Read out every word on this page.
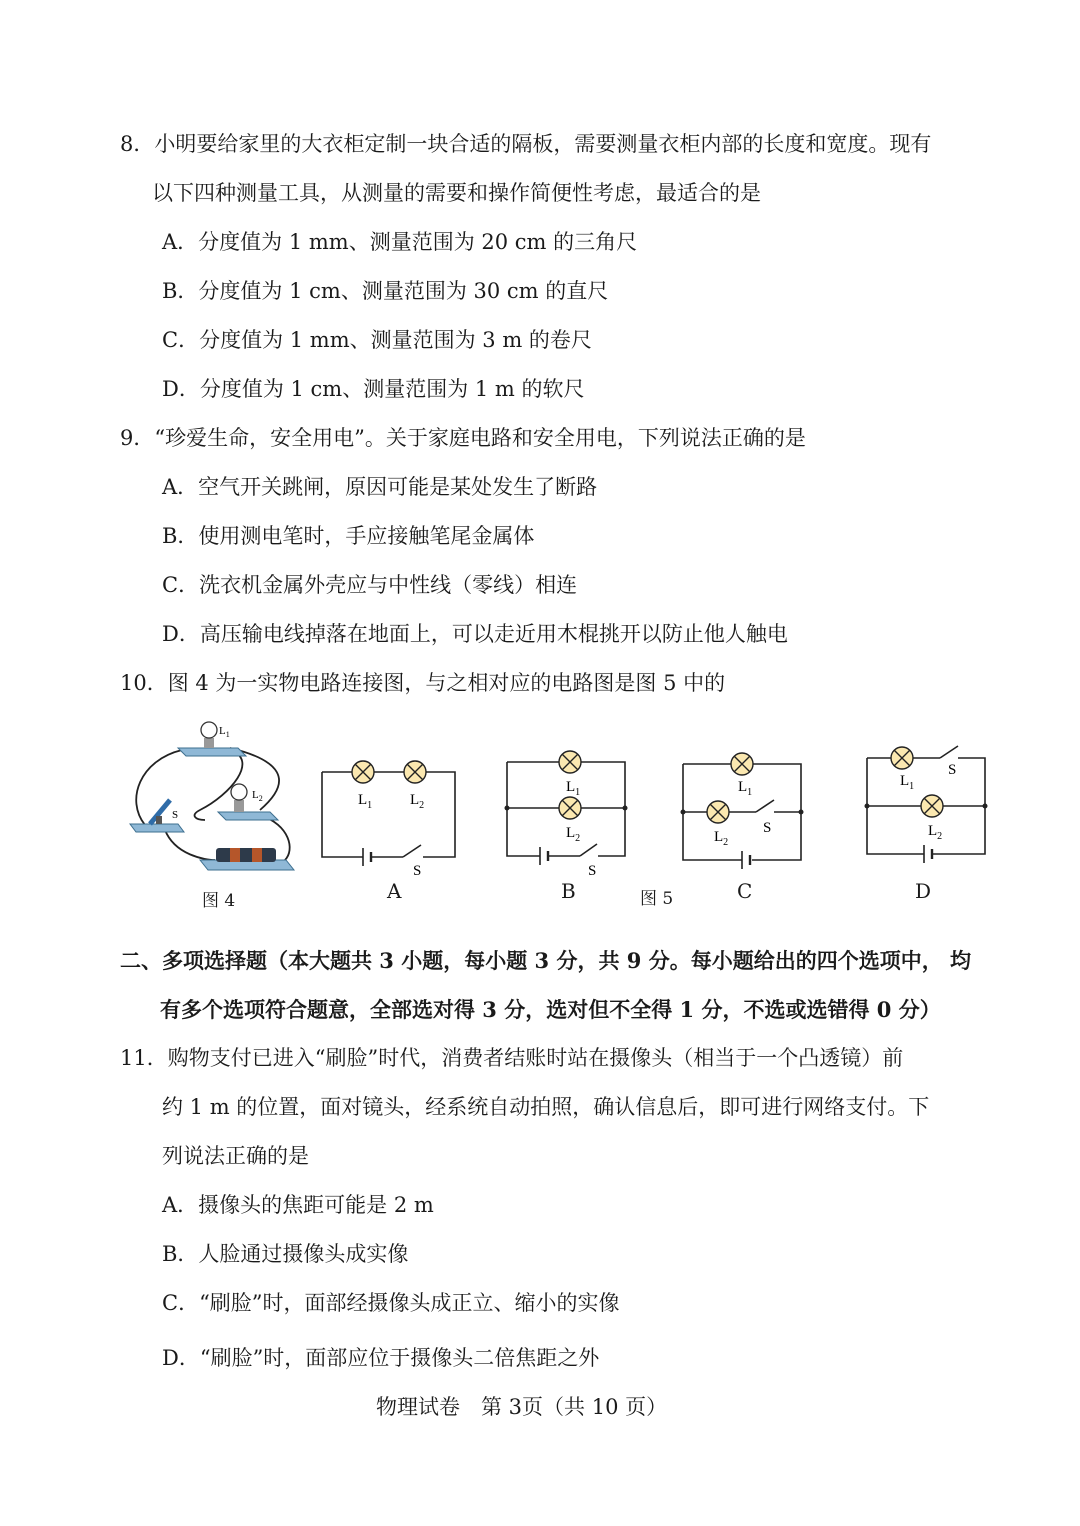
8．小明要给家里的大衣柜定制一块合适的隔板，需要测量衣柜内部的长度和宽度。现有
以下四种测量工具，从测量的需要和操作简便性考虑，最适合的是
A．分度值为 1 mm、测量范围为 20 cm 的三角尺
B．分度值为 1 cm、测量范围为 30 cm 的直尺
C．分度值为 1 mm、测量范围为 3 m 的卷尺
D．分度值为 1 cm、测量范围为 1 m 的软尺
9．“珍爱生命，安全用电”。关于家庭电路和安全用电，下列说法正确的是
A．空气开关跳闸，原因可能是某处发生了断路
B．使用测电笔时，手应接触笔尾金属体
C．洗衣机金属外壳应与中性线（零线）相连
D．高压输电线掉落在地面上，可以走近用木棍挑开以防止他人触电
10．图 4 为一实物电路连接图，与之相对应的电路图是图 5 中的
$L_1$
$L_2$
S
图 4
$L_1$	$L_2$
S
A
$L_1$
$L_2$
S
B	图 5
$L_1$
$L_2$
S
C
$L_1$
$L_2$
S
D
二、多项选择题（本大题共 3 小题，每小题 3 分，共 9 分。每小题给出的四个选项中， 均
有多个选项符合题意，全部选对得 3 分，选对但不全得 1 分，不选或选错得 0 分）
11．购物支付已进入“刷脸”时代，消费者结账时站在摄像头（相当于一个凸透镜）前
约 1 m 的位置，面对镜头，经系统自动拍照，确认信息后，即可进行网络支付。下
列说法正确的是
A．摄像头的焦距可能是 2 m
B．人脸通过摄像头成实像
C．“刷脸”时，面部经摄像头成正立、缩小的实像
D．“刷脸”时，面部应位于摄像头二倍焦距之外
物理试卷　第 3页（共 10 页）
